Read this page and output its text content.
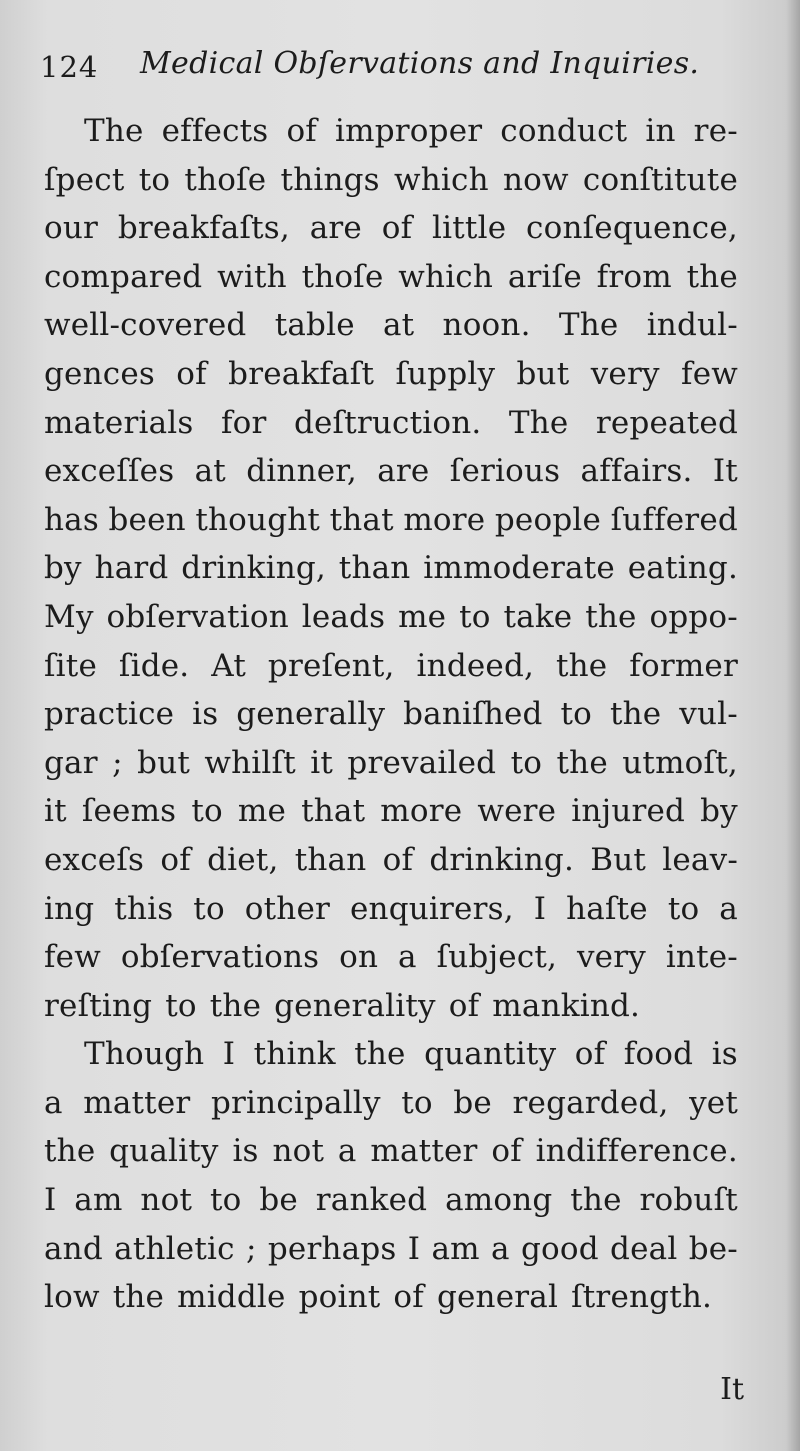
124 Medical Obſervations and Inquiries.
The effects of improper conduct in re-
ſpect to thoſe things which now conſtitute
our breakfaſts, are of little conſequence,
compared with thoſe which ariſe from the
well-covered table at noon. The indul-
gences of breakfaſt ſupply but very few
materials for deſtruction. The repeated
exceſſes at dinner, are ſerious affairs. It
has been thought that more people ſuffered
by hard drinking, than immoderate eating.
My obſervation leads me to take the oppo-
ſite ſide. At preſent, indeed, the former
practice is generally baniſhed to the vul-
gar ; but whilſt it prevailed to the utmoſt,
it ſeems to me that more were injured by
exceſs of diet, than of drinking. But leav-
ing this to other enquirers, I haſte to a
few obſervations on a ſubject, very inte-
reſting to the generality of mankind.
Though I think the quantity of food is
a matter principally to be regarded, yet
the quality is not a matter of indifference.
I am not to be ranked among the robuſt
and athletic ; perhaps I am a good deal be-
low the middle point of general ſtrength.
It
